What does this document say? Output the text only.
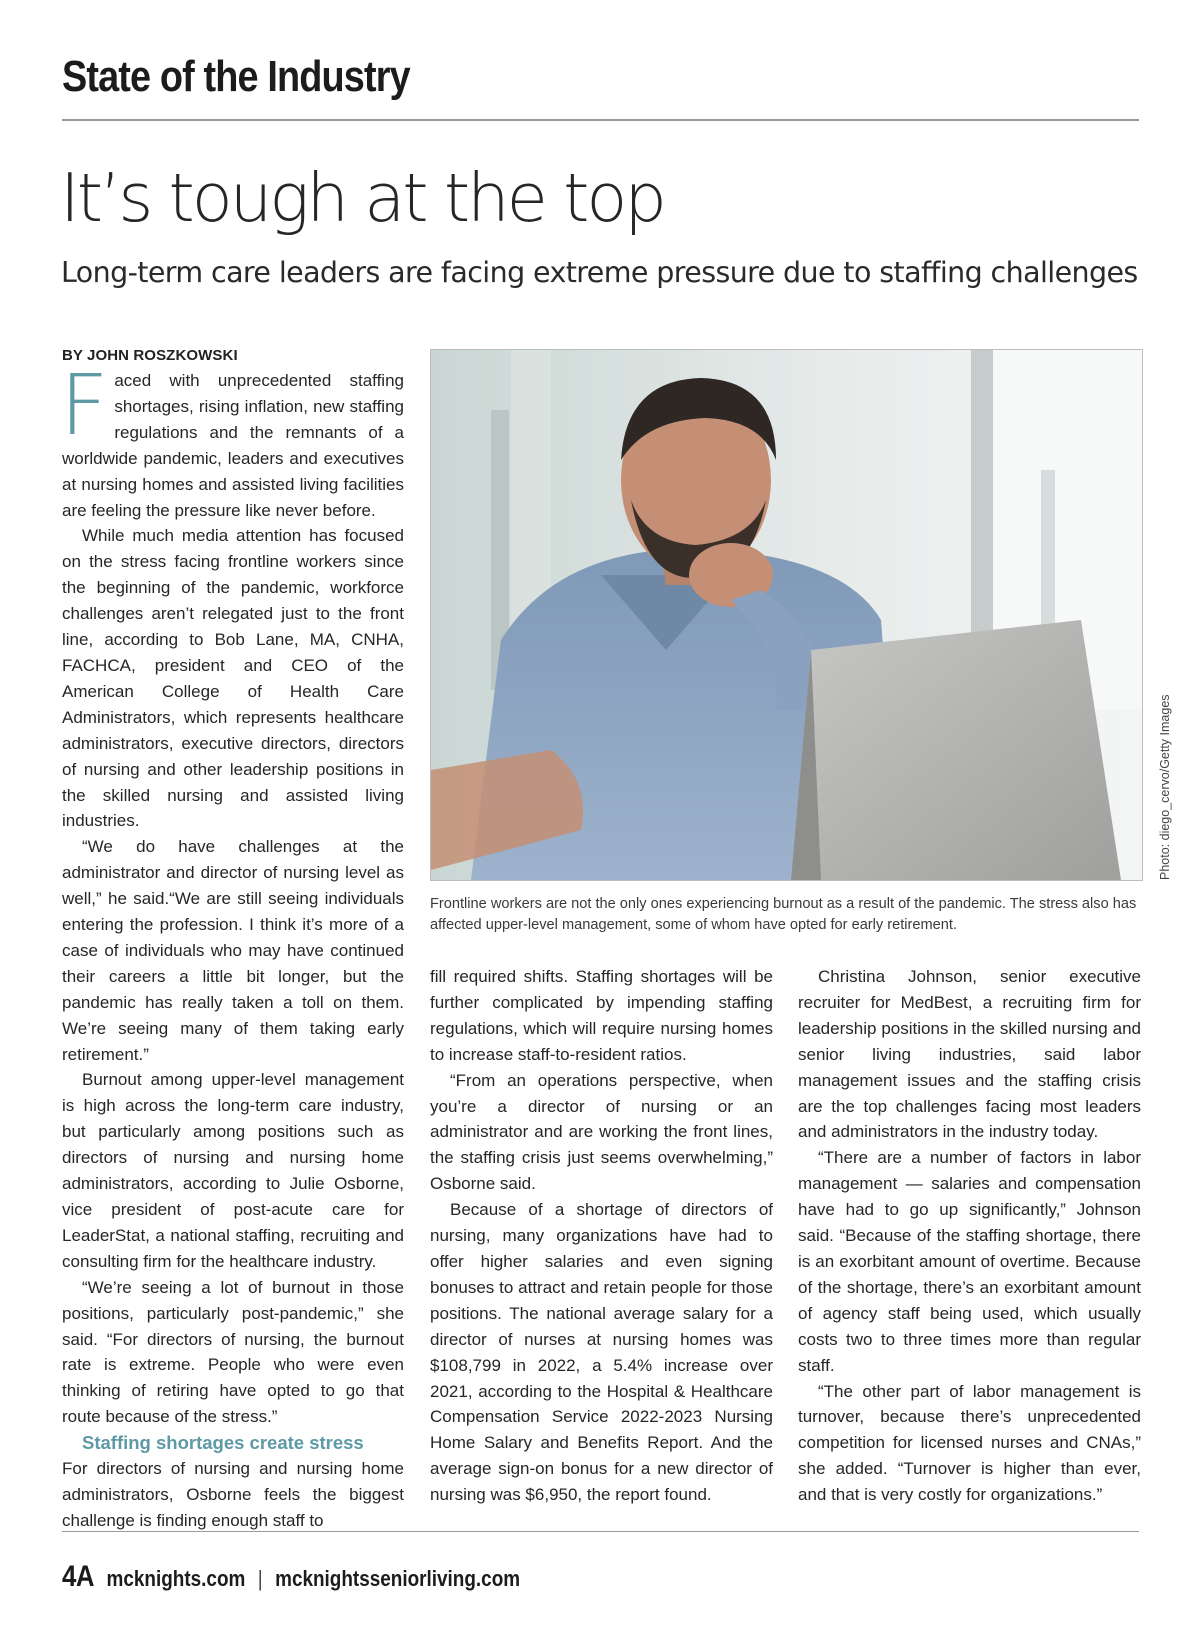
State of the Industry
It’s tough at the top

Long-term care leaders are facing extreme pressure due to staffing challenges

BY JOHN ROSZKOWSKI

Faced with unprecedented staffing shortages, rising inflation, new staffing regulations and the remnants of a worldwide pandemic, leaders and executives at nursing homes and assisted living facilities are feeling the pressure like never before.

While much media attention has focused on the stress facing frontline workers since the beginning of the pandemic, workforce challenges aren’t relegated just to the front line, according to Bob Lane, MA, CNHA, FACHCA, president and CEO of the American College of Health Care Administrators, which represents healthcare administrators, executive directors, directors of nursing and other leadership positions in the skilled nursing and assisted living industries.

“We do have challenges at the administrator and director of nursing level as well,” he said.“We are still seeing individuals entering the profession. I think it’s more of a case of individuals who may have continued their careers a little bit longer, but the pandemic has really taken a toll on them. We’re seeing many of them taking early retirement.”

Burnout among upper-level management is high across the long-term care industry, but particularly among positions such as directors of nursing and nursing home administrators, according to Julie Osborne, vice president of post-acute care for LeaderStat, a national staffing, recruiting and consulting firm for the healthcare industry.

“We’re seeing a lot of burnout in those positions, particularly post-pandemic,” she said. “For directors of nursing, the burnout rate is extreme. People who were even thinking of retiring have opted to go that route because of the stress.”

Staffing shortages create stress

For directors of nursing and nursing home administrators, Osborne feels the biggest challenge is finding enough staff to

Photo: diego_cervo/Getty Images

Frontline workers are not the only ones experiencing burnout as a result of the pandemic. The stress also has affected upper-level management, some of whom have opted for early retirement.

fill required shifts. Staffing shortages will be further complicated by impending staffing regulations, which will require nursing homes to increase staff-to-resident ratios.

“From an operations perspective, when you’re a director of nursing or an administrator and are working the front lines, the staffing crisis just seems overwhelming,” Osborne said.

Because of a shortage of directors of nursing, many organizations have had to offer higher salaries and even signing bonuses to attract and retain people for those positions. The national average salary for a director of nurses at nursing homes was $108,799 in 2022, a 5.4% increase over 2021, according to the Hospital & Healthcare Compensation Service 2022-2023 Nursing Home Salary and Benefits Report. And the average sign-on bonus for a new director of nursing was $6,950, the report found.

Christina Johnson, senior executive recruiter for MedBest, a recruiting firm for leadership positions in the skilled nursing and senior living industries, said labor management issues and the staffing crisis are the top challenges facing most leaders and administrators in the industry today.

“There are a number of factors in labor management — salaries and compensation have had to go up significantly,” Johnson said. “Because of the staffing shortage, there is an exorbitant amount of overtime. Because of the shortage, there’s an exorbitant amount of agency staff being used, which usually costs two to three times more than regular staff.

“The other part of labor management is turnover, because there’s unprecedented competition for licensed nurses and CNAs,” she added. “Turnover is higher than ever, and that is very costly for organizations.”

4A mcknights.com | mcknightsseniorliving.com
